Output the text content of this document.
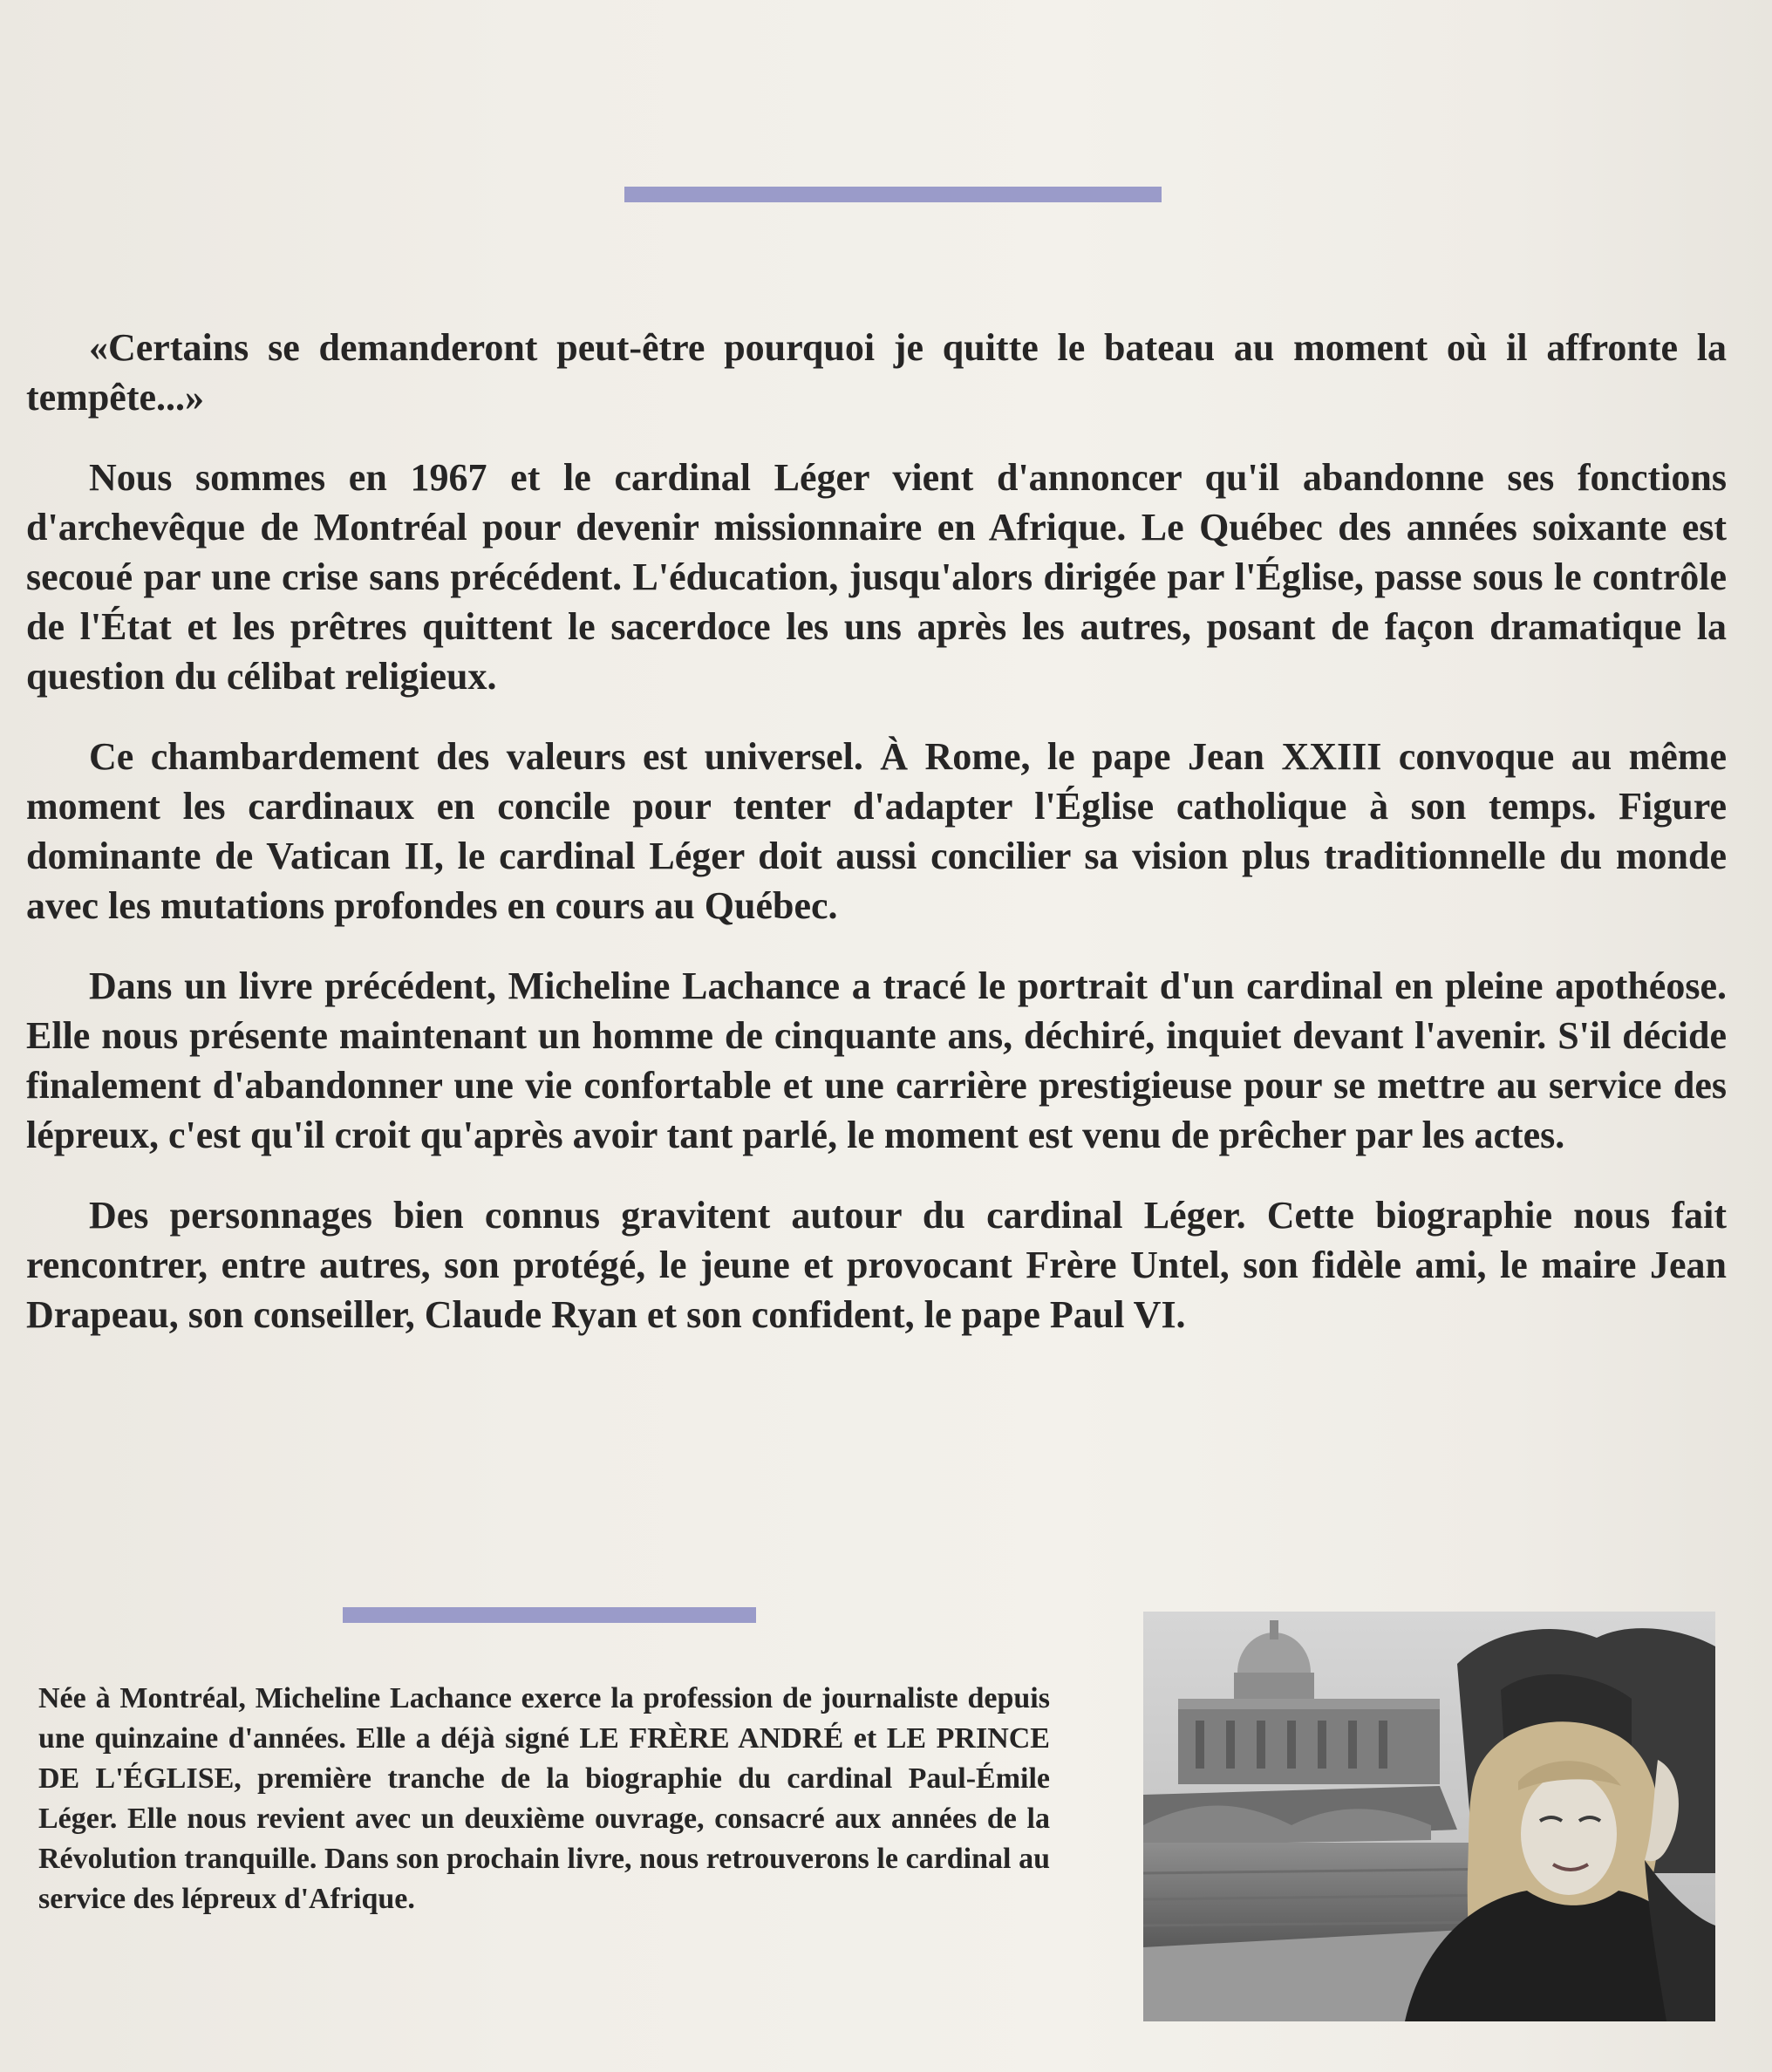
«Certains se demanderont peut-être pourquoi je quitte le bateau au moment où il affronte la tempête...»

Nous sommes en 1967 et le cardinal Léger vient d'annoncer qu'il abandonne ses fonctions d'archevêque de Montréal pour devenir missionnaire en Afrique. Le Québec des années soixante est secoué par une crise sans précédent. L'éducation, jusqu'alors dirigée par l'Église, passe sous le contrôle de l'État et les prêtres quittent le sacerdoce les uns après les autres, posant de façon dramatique la question du célibat religieux.

Ce chambardement des valeurs est universel. À Rome, le pape Jean XXIII convoque au même moment les cardinaux en concile pour tenter d'adapter l'Église catholique à son temps. Figure dominante de Vatican II, le cardinal Léger doit aussi concilier sa vision plus traditionnelle du monde avec les mutations profondes en cours au Québec.

Dans un livre précédent, Micheline Lachance a tracé le portrait d'un cardinal en pleine apothéose. Elle nous présente maintenant un homme de cinquante ans, déchiré, inquiet devant l'avenir. S'il décide finalement d'abandonner une vie confortable et une carrière prestigieuse pour se mettre au service des lépreux, c'est qu'il croit qu'après avoir tant parlé, le moment est venu de prêcher par les actes.

Des personnages bien connus gravitent autour du cardinal Léger. Cette biographie nous fait rencontrer, entre autres, son protégé, le jeune et provocant Frère Untel, son fidèle ami, le maire Jean Drapeau, son conseiller, Claude Ryan et son confident, le pape Paul VI.

Née à Montréal, Micheline Lachance exerce la profession de journaliste depuis une quinzaine d'années. Elle a déjà signé LE FRÈRE ANDRÉ et LE PRINCE DE L'ÉGLISE, première tranche de la biographie du cardinal Paul-Émile Léger. Elle nous revient avec un deuxième ouvrage, consacré aux années de la Révolution tranquille. Dans son prochain livre, nous retrouverons le cardinal au service des lépreux d'Afrique.
